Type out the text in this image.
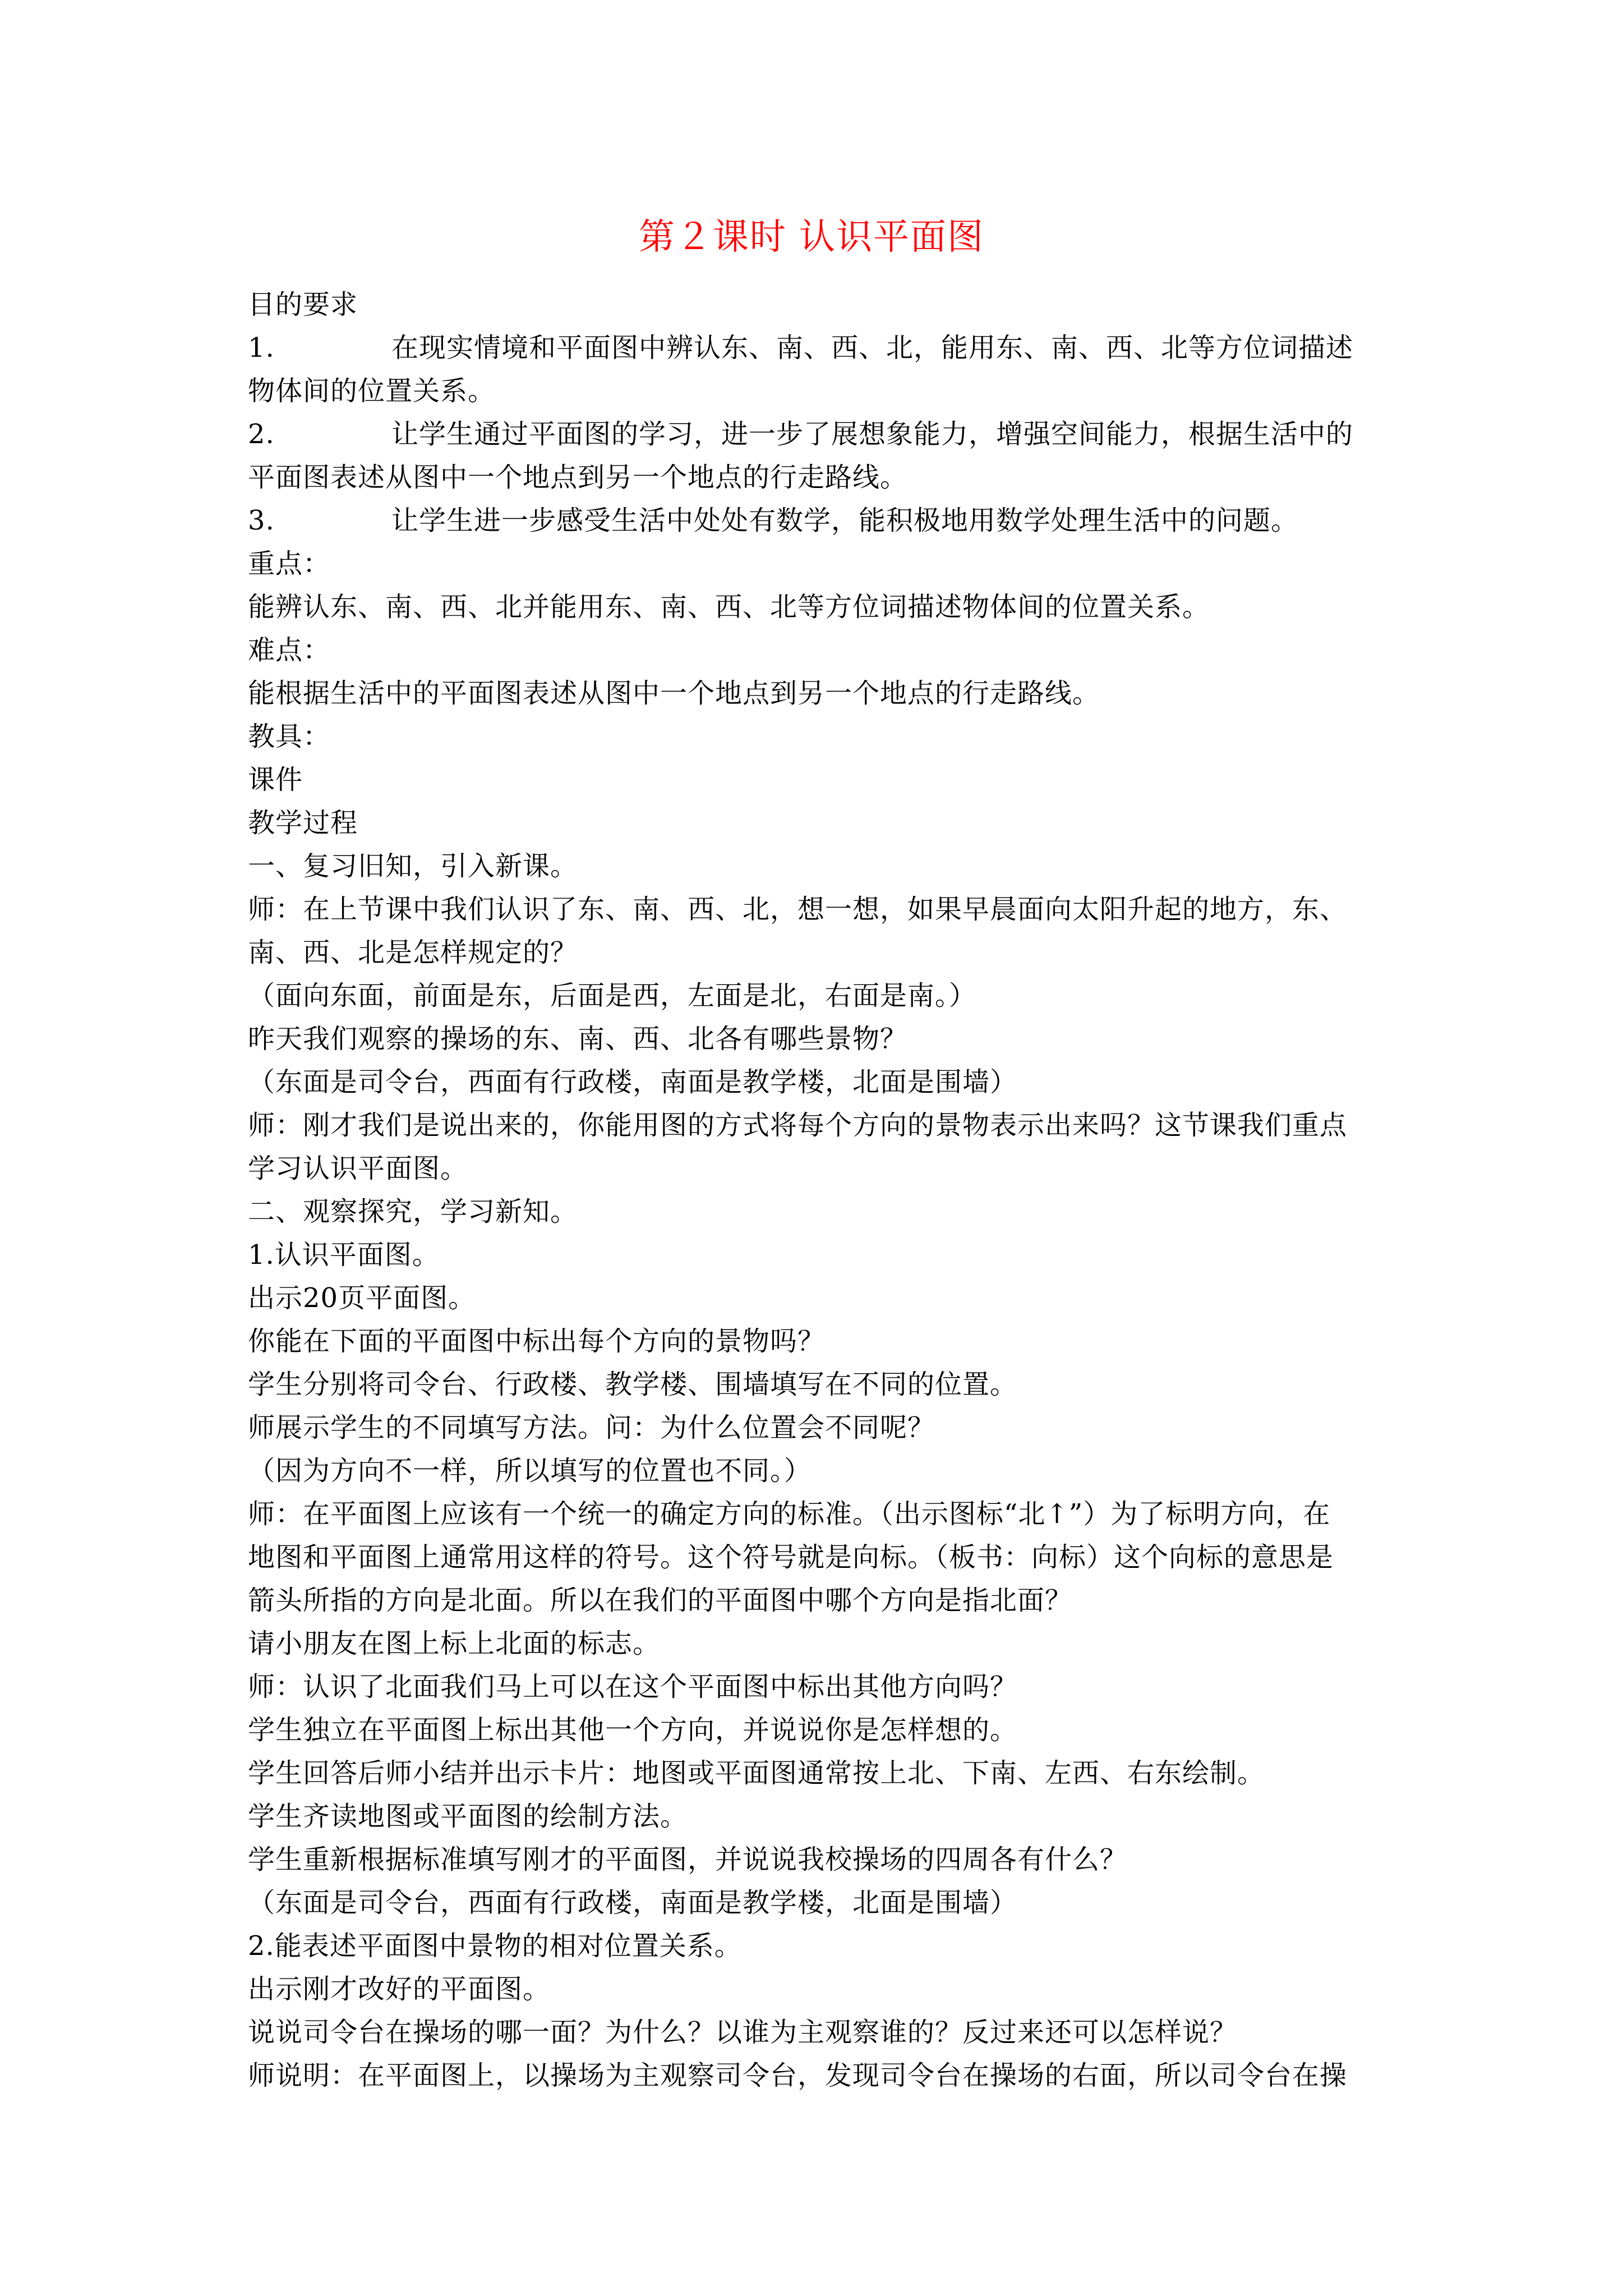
第２课时 认识平面图
目的要求
1.	在现实情境和平面图中辨认东、南、西、北，能用东、南、西、北等方位词描述
物体间的位置关系。
2.	让学生通过平面图的学习，进一步了展想象能力，增强空间能力，根据生活中的
平面图表述从图中一个地点到另一个地点的行走路线。
3.	让学生进一步感受生活中处处有数学，能积极地用数学处理生活中的问题。
重点：
能辨认东、南、西、北并能用东、南、西、北等方位词描述物体间的位置关系。
难点：
能根据生活中的平面图表述从图中一个地点到另一个地点的行走路线。
教具：
课件
教学过程
一、复习旧知，引入新课。
师：在上节课中我们认识了东、南、西、北，想一想，如果早晨面向太阳升起的地方，东、
南、西、北是怎样规定的？
（面向东面，前面是东，后面是西，左面是北，右面是南。）
昨天我们观察的操场的东、南、西、北各有哪些景物？
（东面是司令台，西面有行政楼，南面是教学楼，北面是围墙）
师：刚才我们是说出来的，你能用图的方式将每个方向的景物表示出来吗？这节课我们重点
学习认识平面图。
二、观察探究，学习新知。
1.认识平面图。
出示20页平面图。
你能在下面的平面图中标出每个方向的景物吗？
学生分别将司令台、行政楼、教学楼、围墙填写在不同的位置。
师展示学生的不同填写方法。问：为什么位置会不同呢？
（因为方向不一样，所以填写的位置也不同。）
师：在平面图上应该有一个统一的确定方向的标准。（出示图标“北↑”）为了标明方向，在
地图和平面图上通常用这样的符号。这个符号就是向标。（板书：向标）这个向标的意思是
箭头所指的方向是北面。所以在我们的平面图中哪个方向是指北面？
请小朋友在图上标上北面的标志。
师：认识了北面我们马上可以在这个平面图中标出其他方向吗？
学生独立在平面图上标出其他一个方向，并说说你是怎样想的。
学生回答后师小结并出示卡片：地图或平面图通常按上北、下南、左西、右东绘制。
学生齐读地图或平面图的绘制方法。
学生重新根据标准填写刚才的平面图，并说说我校操场的四周各有什么？
（东面是司令台，西面有行政楼，南面是教学楼，北面是围墙）
2.能表述平面图中景物的相对位置关系。
出示刚才改好的平面图。
说说司令台在操场的哪一面？为什么？以谁为主观察谁的？反过来还可以怎样说？
师说明：在平面图上，以操场为主观察司令台，发现司令台在操场的右面，所以司令台在操
